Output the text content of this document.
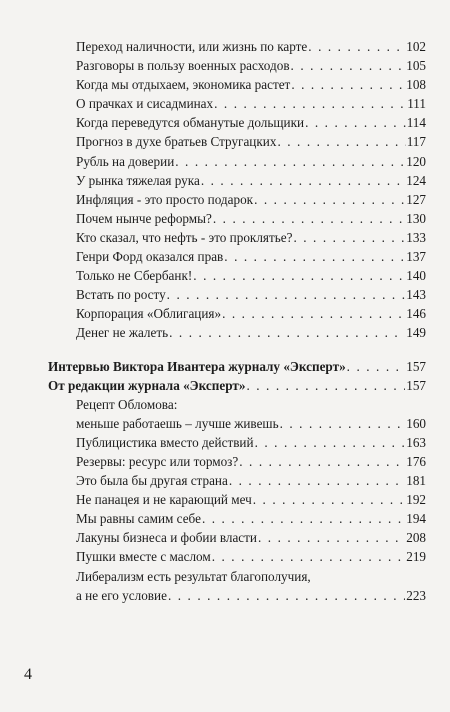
Переход наличности, или жизнь по карте . . .	102
Разговоры в пользу военных расходов . . .	105
Когда мы отдыхаем, экономика растет . . .	108
О прачках и сисадминах . . .	111
Когда переведутся обманутые дольщики . . .	114
Прогноз в духе братьев Стругацких . . .	117
Рубль на доверии . . .	120
У рынка тяжелая рука . . .	124
Инфляция - это просто подарок . . .	127
Почем нынче реформы? . . .	130
Кто сказал, что нефть - это проклятье? . . .	133
Генри Форд оказался прав . . .	137
Только не Сбербанк! . . .	140
Встать по росту . . .	143
Корпорация «Облигация» . . .	146
Денег не жалеть . . .	149
Интервью Виктора Ивантера журналу «Эксперт» . . .	157
От редакции журнала «Эксперт» . . .	157
Рецепт Обломова:
меньше работаешь – лучше живешь . . .	160
Публицистика вместо действий . . .	163
Резервы: ресурс или тормоз? . . .	176
Это была бы другая страна . . .	181
Не панацея и не карающий меч . . .	192
Мы равны самим себе . . .	194
Лакуны бизнеса и фобии власти . . .	208
Пушки вместе с маслом . . .	219
Либерализм есть результат благополучия,
а не его условие . . .	223
4
